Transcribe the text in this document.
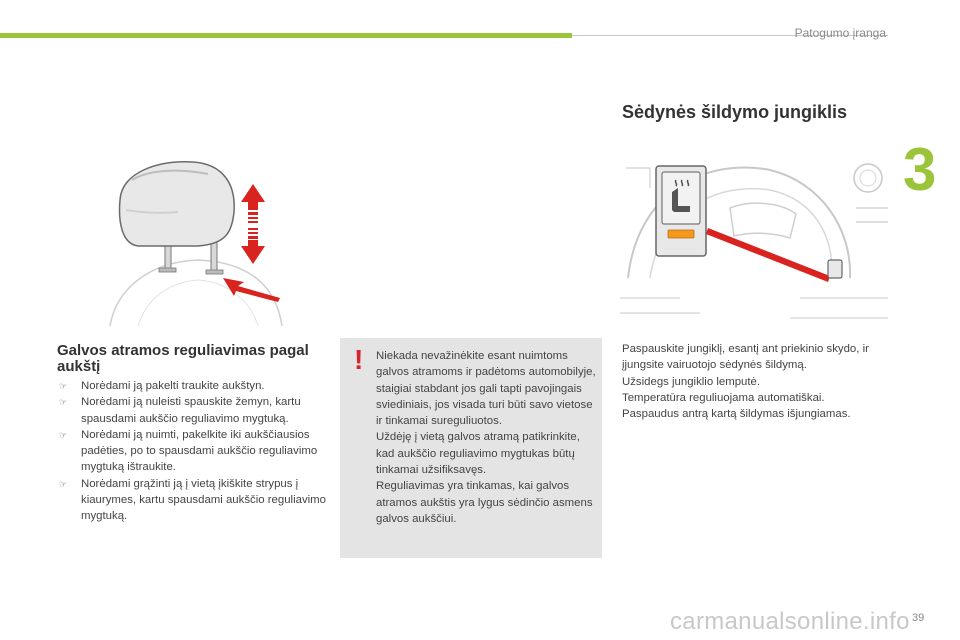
Patogumo įranga
3
39
Galvos atramos reguliavimas pagal aukštį
☞ Norėdami ją pakelti traukite aukštyn.
☞ Norėdami ją nuleisti spauskite žemyn, kartu spausdami aukščio reguliavimo mygtuką.
☞ Norėdami ją nuimti, pakelkite iki aukščiausios padėties, po to spausdami aukščio reguliavimo mygtuką ištraukite.
☞ Norėdami grąžinti ją į vietą įkiškite strypus į kiaurymes, kartu spausdami aukščio reguliavimo mygtuką.
! Niekada nevažinėkite esant nuimtoms galvos atramoms ir padėtoms automobilyje, staigiai stabdant jos gali tapti pavojingais sviediniais, jos visada turi būti savo vietose ir tinkamai sureguliuotos.
Uždėję į vietą galvos atramą patikrinkite, kad aukščio reguliavimo mygtukas būtų tinkamai užsifiksavęs.
Reguliavimas yra tinkamas, kai galvos atramos aukštis yra lygus sėdinčio asmens galvos aukščiui.

Sėdynės šildymo jungiklis

Paspauskite jungiklį, esantį ant priekinio skydo, ir įjungsite vairuotojo sėdynės šildymą.
Užsidegs jungiklio lemputė.
Temperatūra reguliuojama automatiškai.
Paspaudus antrą kartą šildymas išjungiamas.

carmanualsonline.info
